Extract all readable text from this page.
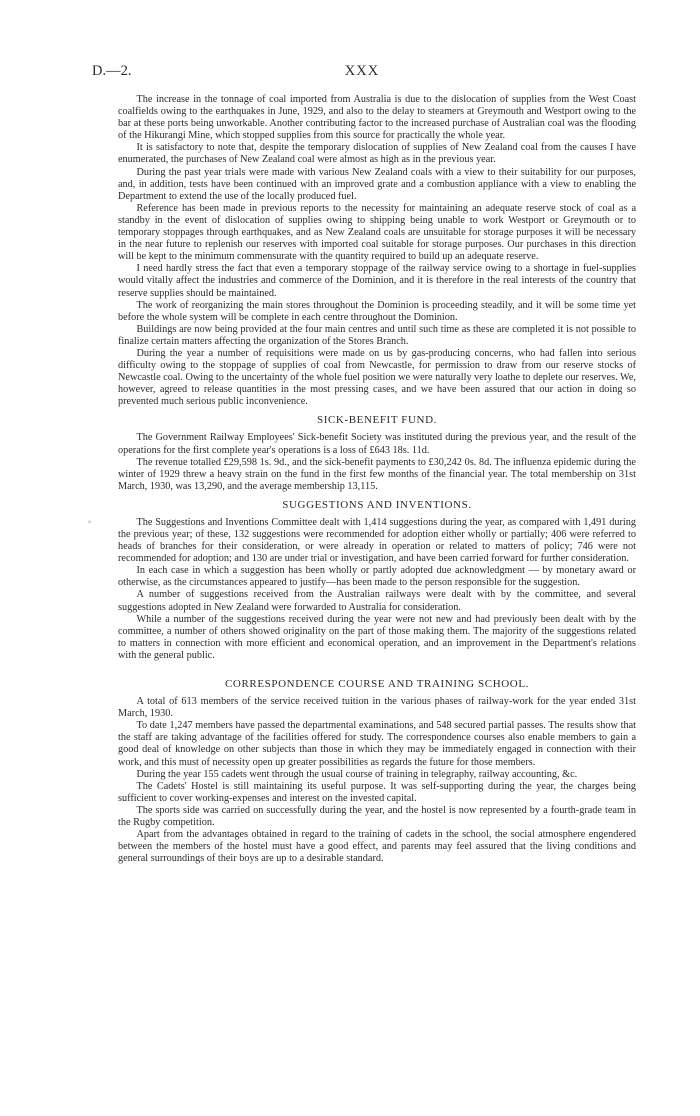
D.—2.	XXX
°

The increase in the tonnage of coal imported from Australia is due to the dislocation of supplies from the West Coast coalfields owing to the earthquakes in June, 1929, and also to the delay to steamers at Greymouth and Westport owing to the bar at these ports being unworkable. Another contributing factor to the increased purchase of Australian coal was the flooding of the Hikurangi Mine, which stopped supplies from this source for practically the whole year.

It is satisfactory to note that, despite the temporary dislocation of supplies of New Zealand coal from the causes I have enumerated, the purchases of New Zealand coal were almost as high as in the previous year.

During the past year trials were made with various New Zealand coals with a view to their suitability for our purposes, and, in addition, tests have been continued with an improved grate and a combustion appliance with a view to enabling the Department to extend the use of the locally produced fuel.

Reference has been made in previous reports to the necessity for maintaining an adequate reserve stock of coal as a standby in the event of dislocation of supplies owing to shipping being unable to work Westport or Greymouth or to temporary stoppages through earthquakes, and as New Zealand coals are unsuitable for storage purposes it will be necessary in the near future to replenish our reserves with imported coal suitable for storage purposes. Our purchases in this direction will be kept to the minimum commensurate with the quantity required to build up an adequate reserve.

I need hardly stress the fact that even a temporary stoppage of the railway service owing to a shortage in fuel-supplies would vitally affect the industries and commerce of the Dominion, and it is therefore in the real interests of the country that reserve supplies should be maintained.

The work of reorganizing the main stores throughout the Dominion is proceeding steadily, and it will be some time yet before the whole system will be complete in each centre throughout the Dominion.

Buildings are now being provided at the four main centres and until such time as these are completed it is not possible to finalize certain matters affecting the organization of the Stores Branch.

During the year a number of requisitions were made on us by gas-producing concerns, who had fallen into serious difficulty owing to the stoppage of supplies of coal from Newcastle, for permission to draw from our reserve stocks of Newcastle coal. Owing to the uncertainty of the whole fuel position we were naturally very loathe to deplete our reserves. We, however, agreed to release quantities in the most pressing cases, and we have been assured that our action in doing so prevented much serious public inconvenience.

SICK-BENEFIT FUND.

The Government Railway Employees' Sick-benefit Society was instituted during the previous year, and the result of the operations for the first complete year's operations is a loss of £643 18s. 11d.

The revenue totalled £29,598 1s. 9d., and the sick-benefit payments to £30,242 0s. 8d. The influenza epidemic during the winter of 1929 threw a heavy strain on the fund in the first few months of the financial year. The total membership on 31st March, 1930, was 13,290, and the average membership 13,115.

SUGGESTIONS AND INVENTIONS.

The Suggestions and Inventions Committee dealt with 1,414 suggestions during the year, as compared with 1,491 during the previous year; of these, 132 suggestions were recommended for adoption either wholly or partially; 406 were referred to heads of branches for their consideration, or were already in operation or related to matters of policy; 746 were not recommended for adoption; and 130 are under trial or investigation, and have been carried forward for further consideration.

In each case in which a suggestion has been wholly or partly adopted due acknowledgment — by monetary award or otherwise, as the circumstances appeared to justify—has been made to the person responsible for the suggestion.

A number of suggestions received from the Australian railways were dealt with by the committee, and several suggestions adopted in New Zealand were forwarded to Australia for consideration.

While a number of the suggestions received during the year were not new and had previously been dealt with by the committee, a number of others showed originality on the part of those making them. The majority of the suggestions related to matters in connection with more efficient and economical operation, and an improvement in the Department's relations with the general public.

CORRESPONDENCE COURSE AND TRAINING SCHOOL.

A total of 613 members of the service received tuition in the various phases of railway-work for the year ended 31st March, 1930.

To date 1,247 members have passed the departmental examinations, and 548 secured partial passes. The results show that the staff are taking advantage of the facilities offered for study. The correspondence courses also enable members to gain a good deal of knowledge on other subjects than those in which they may be immediately engaged in connection with their work, and this must of necessity open up greater possibilities as regards the future for those members.

During the year 155 cadets went through the usual course of training in telegraphy, railway accounting, &c.

The Cadets' Hostel is still maintaining its useful purpose. It was self-supporting during the year, the charges being sufficient to cover working-expenses and interest on the invested capital.

The sports side was carried on successfully during the year, and the hostel is now represented by a fourth-grade team in the Rugby competition.

Apart from the advantages obtained in regard to the training of cadets in the school, the social atmosphere engendered between the members of the hostel must have a good effect, and parents may feel assured that the living conditions and general surroundings of their boys are up to a desirable standard.
